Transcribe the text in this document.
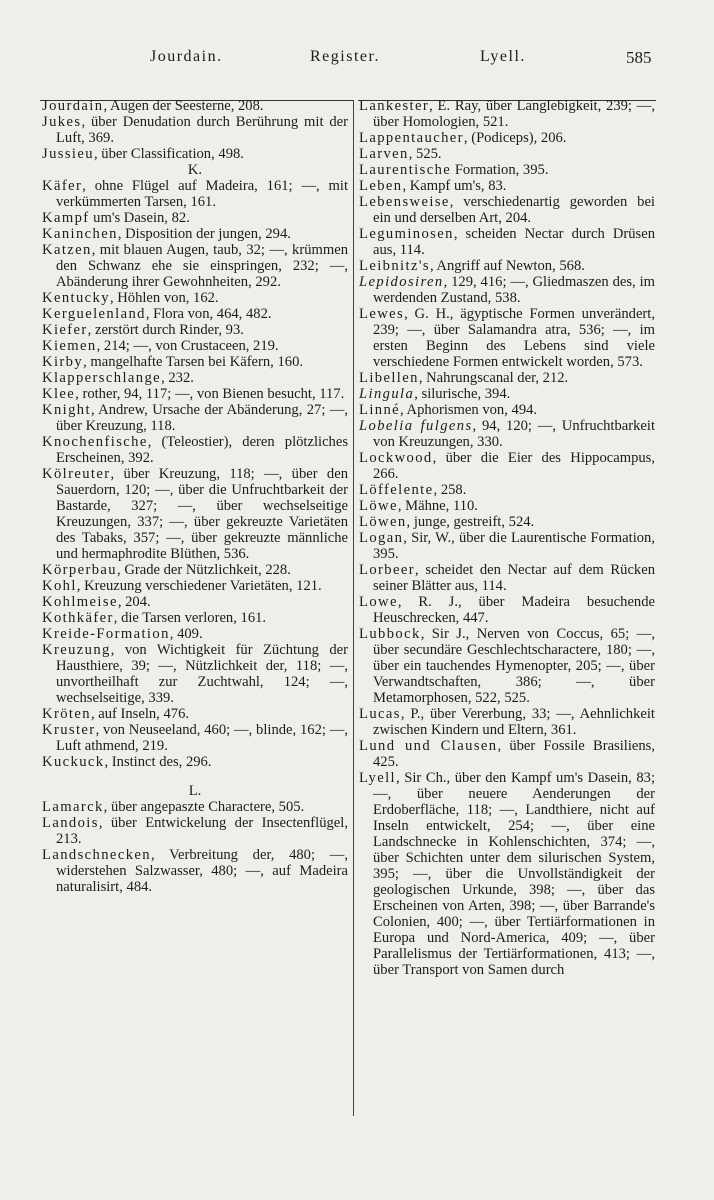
Jourdain.	Register.	Lyell.	585

Jourdain, Augen der Seesterne, 208.

Jukes, über Denudation durch Berührung mit der Luft, 369.

Jussieu, über Classification, 498.

K.

Käfer, ohne Flügel auf Madeira, 161; —, mit verkümmerten Tarsen, 161.

Kampf um's Dasein, 82.

Kaninchen, Disposition der jungen, 294.

Katzen, mit blauen Augen, taub, 32; —, krümmen den Schwanz ehe sie einspringen, 232; —, Abänderung ihrer Gewohnheiten, 292.

Kentucky, Höhlen von, 162.

Kerguelenland, Flora von, 464, 482.

Kiefer, zerstört durch Rinder, 93.

Kiemen, 214; —, von Crustaceen, 219.

Kirby, mangelhafte Tarsen bei Käfern, 160.

Klapperschlange, 232.

Klee, rother, 94, 117; —, von Bienen besucht, 117.

Knight, Andrew, Ursache der Abänderung, 27; —, über Kreuzung, 118.

Knochenfische, (Teleostier), deren plötzliches Erscheinen, 392.

Kölreuter, über Kreuzung, 118; —, über den Sauerdorn, 120; —, über die Unfruchtbarkeit der Bastarde, 327; —, über wechselseitige Kreuzungen, 337; —, über gekreuzte Varietäten des Tabaks, 357; —, über gekreuzte männliche und hermaphrodite Blüthen, 536.

Körperbau, Grade der Nützlichkeit, 228.

Kohl, Kreuzung verschiedener Varietäten, 121.

Kohlmeise, 204.

Kothkäfer, die Tarsen verloren, 161.

Kreide-Formation, 409.

Kreuzung, von Wichtigkeit für Züchtung der Hausthiere, 39; —, Nützlichkeit der, 118; —, unvortheilhaft zur Zuchtwahl, 124; —, wechselseitige, 339.

Kröten, auf Inseln, 476.

Kruster, von Neuseeland, 460; —, blinde, 162; —, Luft athmend, 219.

Kuckuck, Instinct des, 296.

L.

Lamarck, über angepaszte Charactere, 505.

Landois, über Entwickelung der Insectenflügel, 213.

Landschnecken, Verbreitung der, 480; —, widerstehen Salzwasser, 480; —, auf Madeira naturalisirt, 484.

Lankester, E. Ray, über Langlebigkeit, 239; —, über Homologien, 521.

Lappentaucher, (Podiceps), 206.

Larven, 525.

Laurentische Formation, 395.

Leben, Kampf um's, 83.

Lebensweise, verschiedenartig geworden bei ein und derselben Art, 204.

Leguminosen, scheiden Nectar durch Drüsen aus, 114.

Leibnitz's, Angriff auf Newton, 568.

Lepidosiren, 129, 416; —, Gliedmaszen des, im werdenden Zustand, 538.

Lewes, G. H., ägyptische Formen unverändert, 239; —, über Salamandra atra, 536; —, im ersten Beginn des Lebens sind viele verschiedene Formen entwickelt worden, 573.

Libellen, Nahrungscanal der, 212.

Lingula, silurische, 394.

Linné, Aphorismen von, 494.

Lobelia fulgens, 94, 120; —, Unfruchtbarkeit von Kreuzungen, 330.

Lockwood, über die Eier des Hippocampus, 266.

Löffelente, 258.

Löwe, Mähne, 110.

Löwen, junge, gestreift, 524.

Logan, Sir, W., über die Laurentische Formation, 395.

Lorbeer, scheidet den Nectar auf dem Rücken seiner Blätter aus, 114.

Lowe, R. J., über Madeira besuchende Heuschrecken, 447.

Lubbock, Sir J., Nerven von Coccus, 65; —, über secundäre Geschlechtscharactere, 180; —, über ein tauchendes Hymenopter, 205; —, über Verwandtschaften, 386; —, über Metamorphosen, 522, 525.

Lucas, P., über Vererbung, 33; —, Aehnlichkeit zwischen Kindern und Eltern, 361.

Lund und Clausen, über Fossile Brasiliens, 425.

Lyell, Sir Ch., über den Kampf um's Dasein, 83; —, über neuere Aenderungen der Erdoberfläche, 118; —, Landthiere, nicht auf Inseln entwickelt, 254; —, über eine Landschnecke in Kohlenschichten, 374; —, über Schichten unter dem silurischen System, 395; —, über die Unvollständigkeit der geologischen Urkunde, 398; —, über das Erscheinen von Arten, 398; —, über Barrande's Colonien, 400; —, über Tertiärformationen in Europa und Nord-America, 409; —, über Parallelismus der Tertiärformationen, 413; —, über Transport von Samen durch
